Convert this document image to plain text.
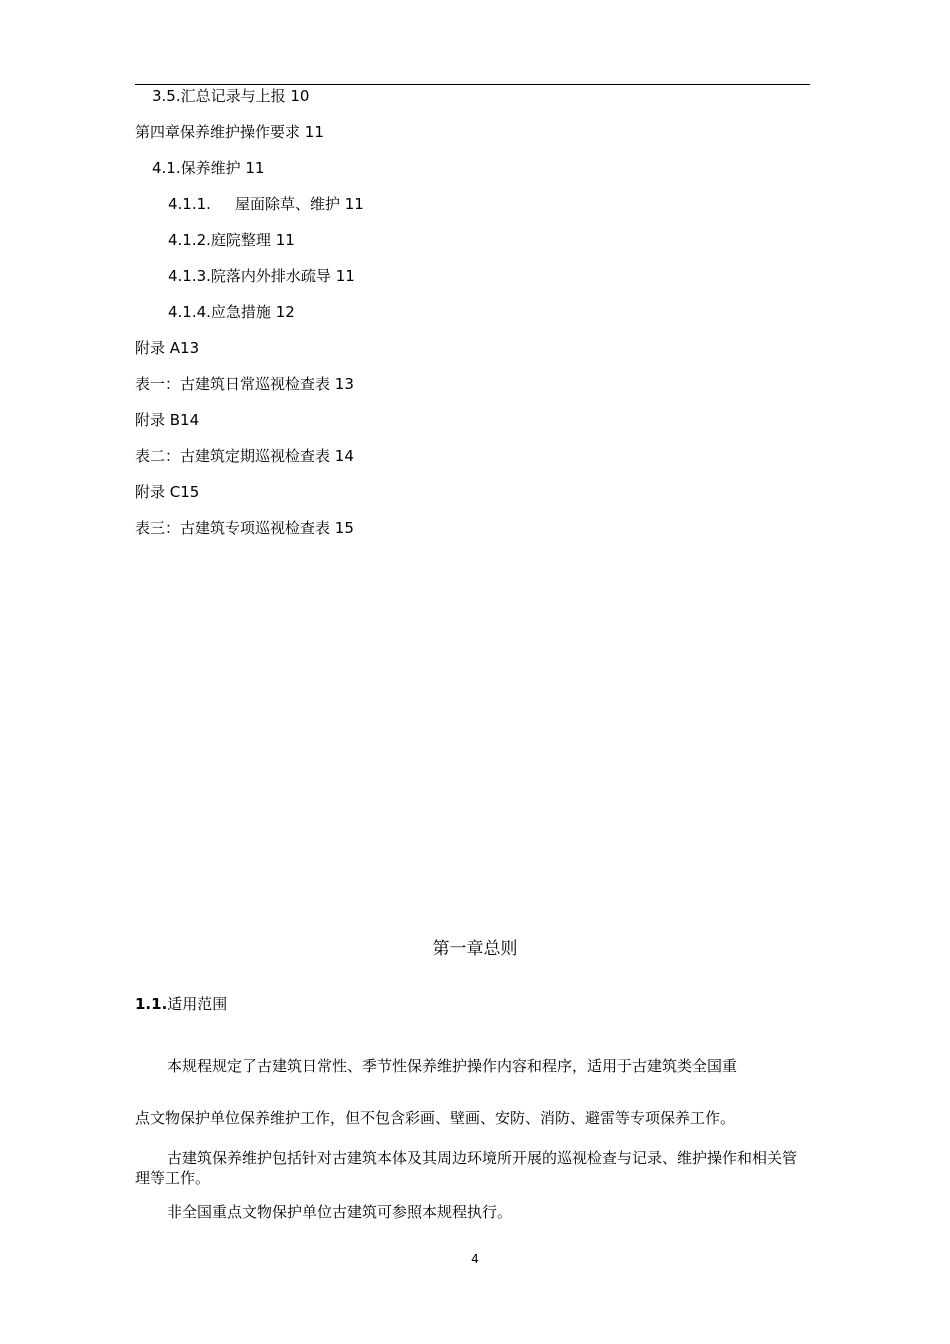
3.5.汇总记录与上报 10
第四章保养维护操作要求 11
4.1.保养维护 11
4.1.1. 屋面除草、维护 11
4.1.2.庭院整理 11
4.1.3.院落内外排水疏导 11
4.1.4.应急措施 12
附录 A13
表一：古建筑日常巡视检查表 13
附录 B14
表二：古建筑定期巡视检查表 14
附录 C15
表三：古建筑专项巡视检查表 15
第一章总则
1.1.适用范围
本规程规定了古建筑日常性、季节性保养维护操作内容和程序，适用于古建筑类全国重
点文物保护单位保养维护工作，但不包含彩画、壁画、安防、消防、避雷等专项保养工作。
古建筑保养维护包括针对古建筑本体及其周边环境所开展的巡视检查与记录、维护操作和相关管理等工作。
非全国重点文物保护单位古建筑可参照本规程执行。
4
